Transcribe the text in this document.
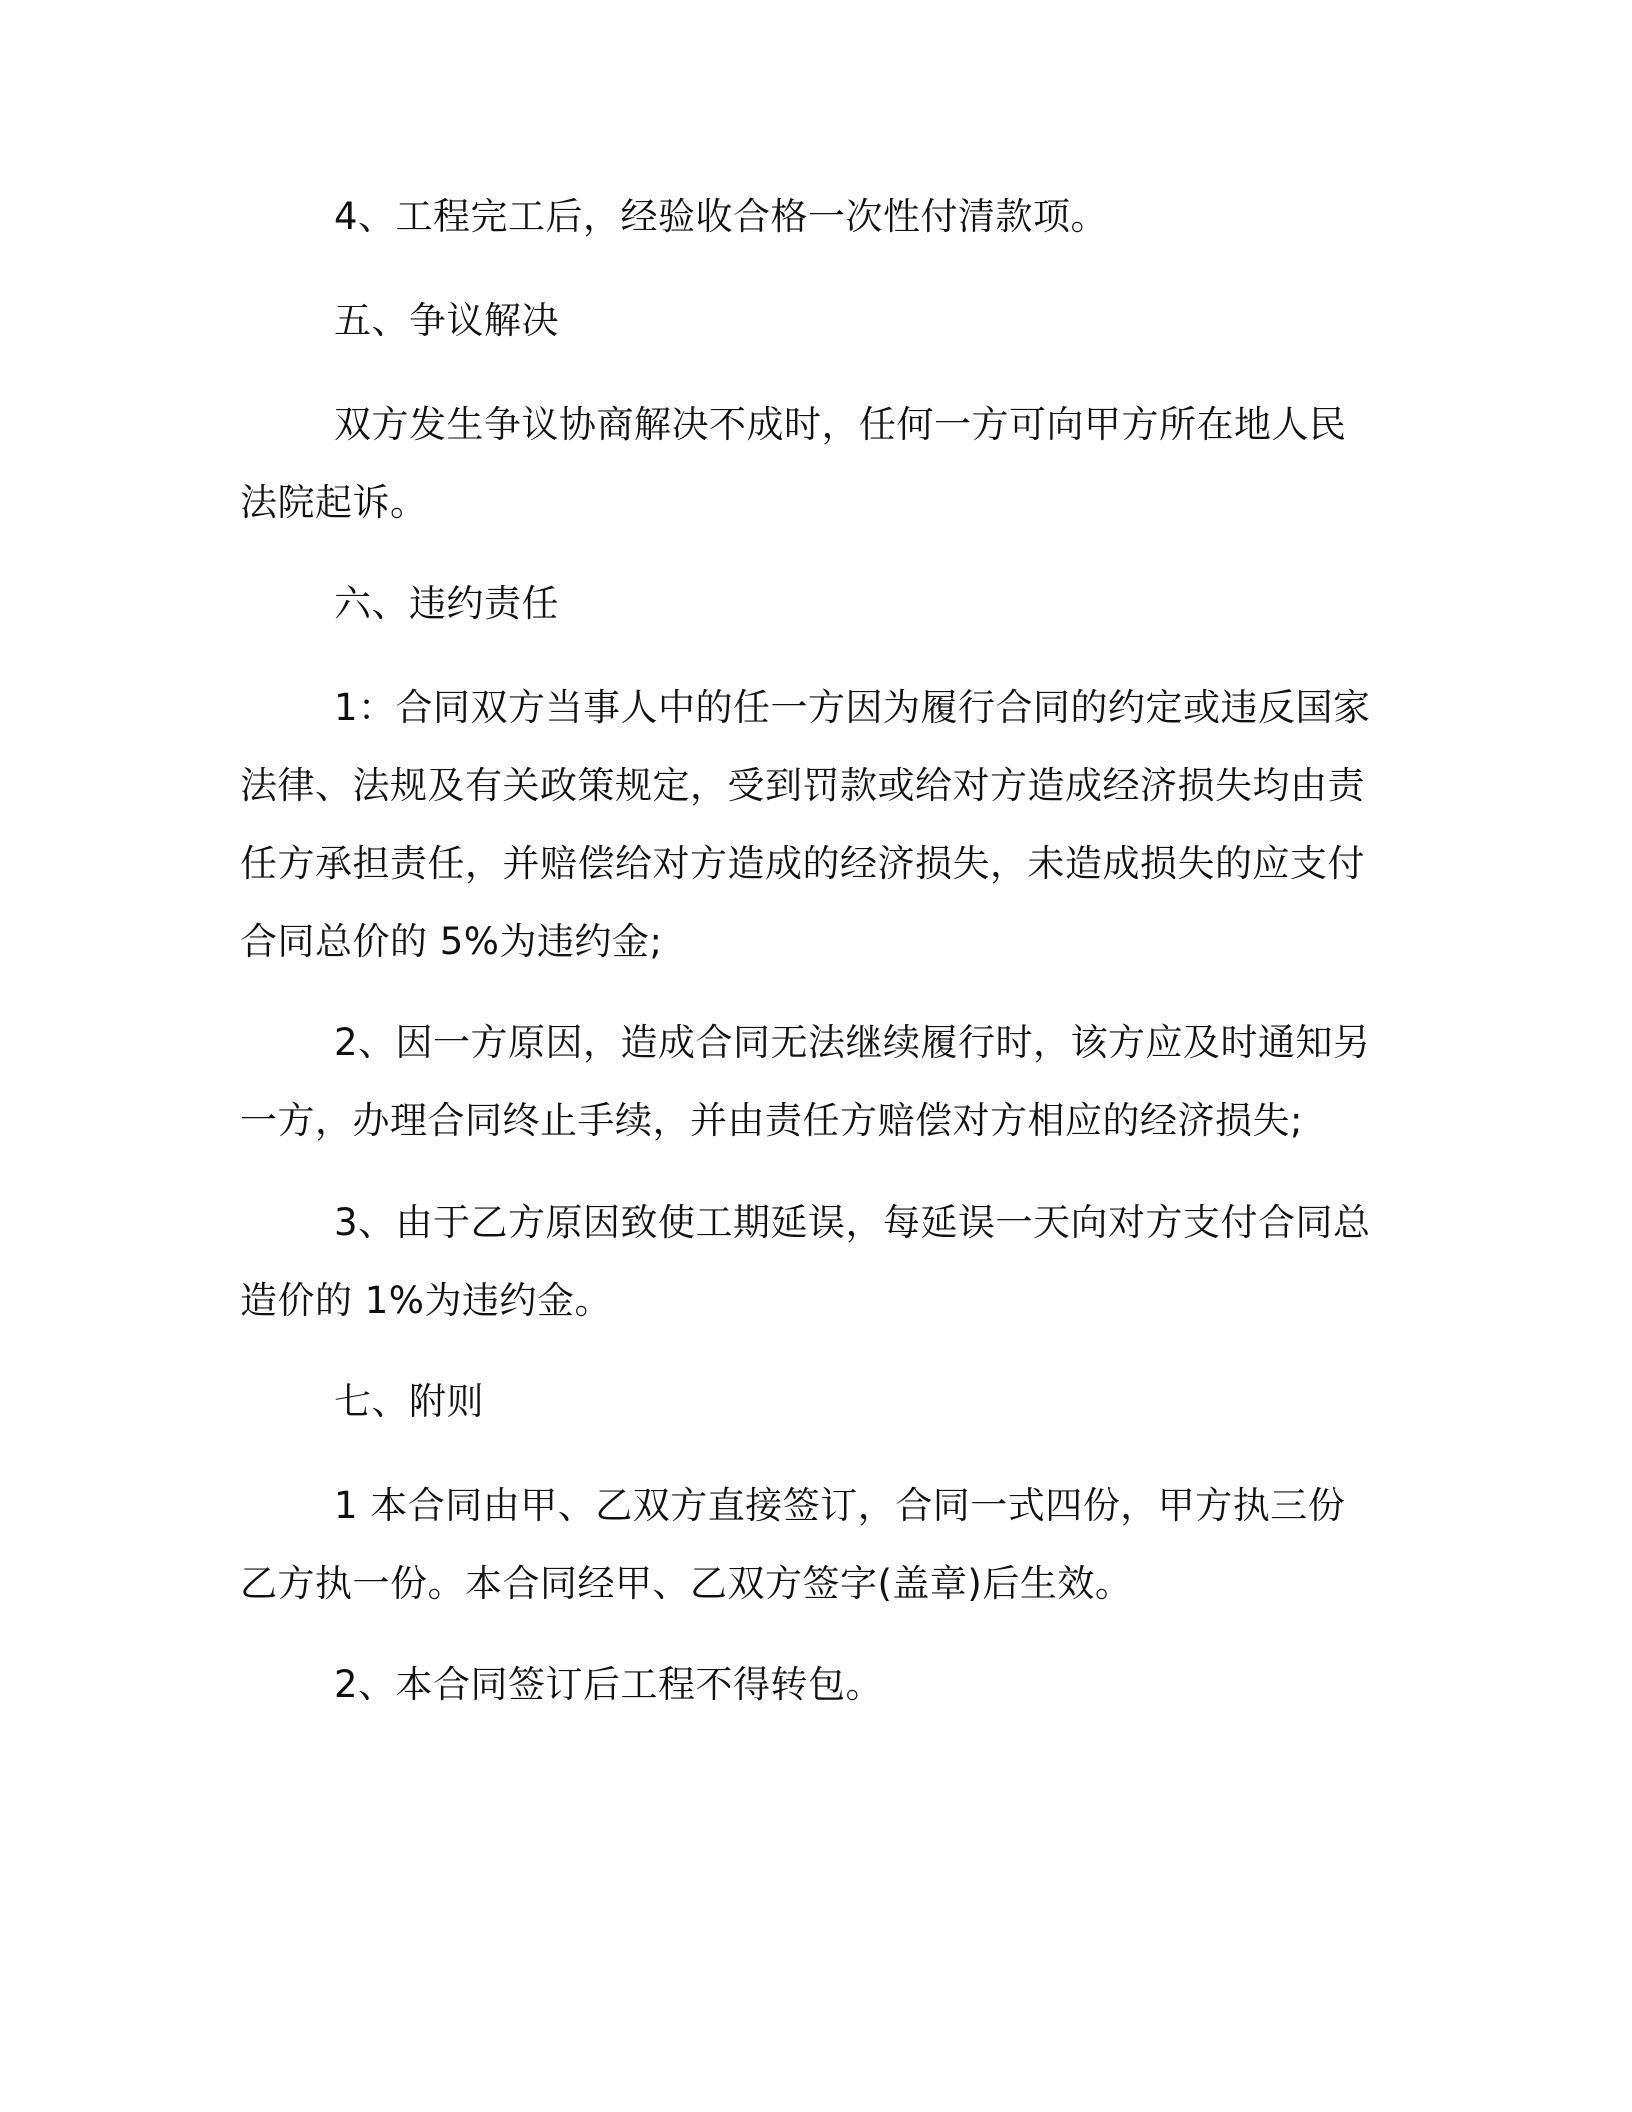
4、工程完工后，经验收合格一次性付清款项。

五、争议解决

双方发生争议协商解决不成时，任何一方可向甲方所在地人民法院起诉。

六、违约责任

1：合同双方当事人中的任一方因为履行合同的约定或违反国家法律、法规及有关政策规定，受到罚款或给对方造成经济损失均由责任方承担责任，并赔偿给对方造成的经济损失，未造成损失的应支付合同总价的 5%为违约金;

2、因一方原因，造成合同无法继续履行时，该方应及时通知另一方，办理合同终止手续，并由责任方赔偿对方相应的经济损失;

3、由于乙方原因致使工期延误，每延误一天向对方支付合同总造价的 1%为违约金。

七、附则

1 本合同由甲、乙双方直接签订，合同一式四份，甲方执三份乙方执一份。本合同经甲、乙双方签字(盖章)后生效。

2、本合同签订后工程不得转包。
